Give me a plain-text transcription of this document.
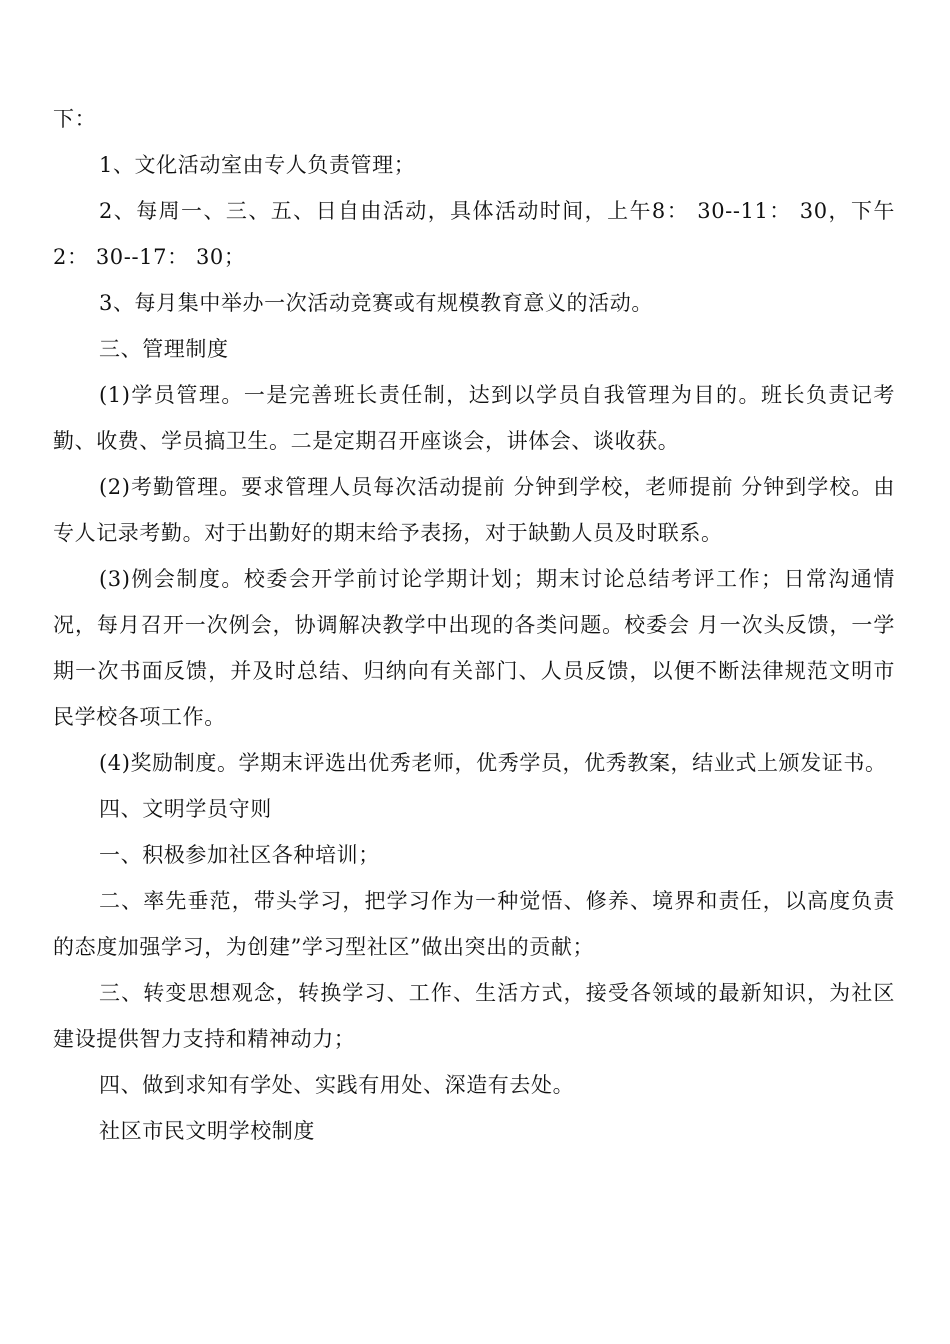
下：

1、文化活动室由专人负责管理；

2、每周一、三、五、日自由活动，具体活动时间，上午8： 30--11： 30，下午 2： 30--17： 30；

3、每月集中举办一次活动竞赛或有规模教育意义的活动。

三、管理制度

(1)学员管理。一是完善班长责任制，达到以学员自我管理为目的。班长负责记考勤、收费、学员搞卫生。二是定期召开座谈会，讲体会、谈收获。

(2)考勤管理。要求管理人员每次活动提前 分钟到学校，老师提前 分钟到学校。由专人记录考勤。对于出勤好的期末给予表扬，对于缺勤人员及时联系。

(3)例会制度。校委会开学前讨论学期计划；期末讨论总结考评工作；日常沟通情况，每月召开一次例会，协调解决教学中出现的各类问题。校委会 月一次头反馈，一学期一次书面反馈，并及时总结、归纳向有关部门、人员反馈，以便不断法律规范文明市民学校各项工作。

(4)奖励制度。学期末评选出优秀老师，优秀学员，优秀教案，结业式上颁发证书。

四、文明学员守则

一、积极参加社区各种培训；

二、率先垂范，带头学习，把学习作为一种觉悟、修养、境界和责任，以高度负责的态度加强学习，为创建”学习型社区”做出突出的贡献；

三、转变思想观念，转换学习、工作、生活方式，接受各领域的最新知识，为社区建设提供智力支持和精神动力；

四、做到求知有学处、实践有用处、深造有去处。

社区市民文明学校制度
